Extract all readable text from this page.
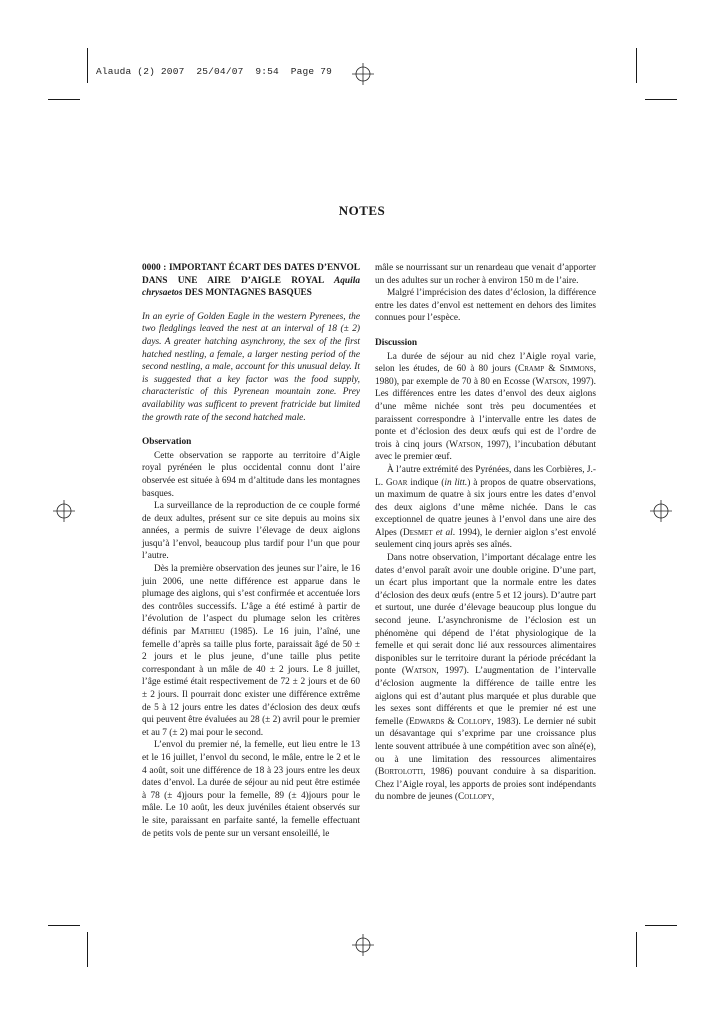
Alauda (2) 2007  25/04/07  9:54  Page 79
NOTES

0000 : IMPORTANT ÉCART DES DATES D’ENVOL DANS UNE AIRE D’AIGLE ROYAL Aquila chrysaetos DES MONTAGNES BASQUES

In an eyrie of Golden Eagle in the western Pyrenees, the two fledglings leaved the nest at an interval of 18 (± 2) days. A greater hatching asynchrony, the sex of the first hatched nestling, a female, a larger nesting period of the second nestling, a male, account for this unusual delay. It is suggested that a key factor was the food supply, characteristic of this Pyrenean mountain zone. Prey availability was sufficent to prevent fratricide but limited the growth rate of the second hatched male.

Observation

Cette observation se rapporte au territoire d’Aigle royal pyrénéen le plus occidental connu dont l’aire observée est située à 694 m d’altitude dans les montagnes basques.

La surveillance de la reproduction de ce couple formé de deux adultes, présent sur ce site depuis au moins six années, a permis de suivre l’élevage de deux aiglons jusqu’à l’envol, beaucoup plus tardif pour l’un que pour l’autre.

Dès la première observation des jeunes sur l’aire, le 16 juin 2006, une nette différence est apparue dans le plumage des aiglons, qui s’est confirmée et accentuée lors des contrôles successifs. L’âge a été estimé à partir de l’évolution de l’aspect du plumage selon les critères définis par Mathieu (1985). Le 16 juin, l’aîné, une femelle d’après sa taille plus forte, paraissait âgé de 50 ± 2 jours et le plus jeune, d’une taille plus petite correspondant à un mâle de 40 ± 2 jours. Le 8 juillet, l’âge estimé était respectivement de 72 ± 2 jours et de 60 ± 2 jours. Il pourrait donc exister une différence extrême de 5 à 12 jours entre les dates d’éclosion des deux œufs qui peuvent être évaluées au 28 (± 2) avril pour le premier et au 7 (± 2) mai pour le second.

L’envol du premier né, la femelle, eut lieu entre le 13 et le 16 juillet, l’envol du second, le mâle, entre le 2 et le 4 août, soit une différence de 18 à 23 jours entre les deux dates d’envol. La durée de séjour au nid peut être estimée à 78 (± 4)jours pour la femelle, 89 (± 4)jours pour le mâle. Le 10 août, les deux juvéniles étaient observés sur le site, paraissant en parfaite santé, la femelle effectuant de petits vols de pente sur un versant ensoleillé, le

mâle se nourrissant sur un renardeau que venait d’apporter un des adultes sur un rocher à environ 150 m de l’aire.

Malgré l’imprécision des dates d’éclosion, la différence entre les dates d’envol est nettement en dehors des limites connues pour l’espèce.

Discussion

La durée de séjour au nid chez l’Aigle royal varie, selon les études, de 60 à 80 jours (Cramp & Simmons, 1980), par exemple de 70 à 80 en Ecosse (Watson, 1997). Les différences entre les dates d’envol des deux aiglons d’une même nichée sont très peu documentées et paraissent correspondre à l’intervalle entre les dates de ponte et d’éclosion des deux œufs qui est de l’ordre de trois à cinq jours (Watson, 1997), l’incubation débutant avec le premier œuf.

À l’autre extrémité des Pyrénées, dans les Corbières, J.-L. Goar indique (in litt.) à propos de quatre observations, un maximum de quatre à six jours entre les dates d’envol des deux aiglons d’une même nichée. Dans le cas exceptionnel de quatre jeunes à l’envol dans une aire des Alpes (Desmet et al. 1994), le dernier aiglon s’est envolé seulement cinq jours après ses aînés.

Dans notre observation, l’important décalage entre les dates d’envol paraît avoir une double origine. D’une part, un écart plus important que la normale entre les dates d’éclosion des deux œufs (entre 5 et 12 jours). D’autre part et surtout, une durée d’élevage beaucoup plus longue du second jeune. L’asynchronisme de l’éclosion est un phénomène qui dépend de l’état physiologique de la femelle et qui serait donc lié aux ressources alimentaires disponibles sur le territoire durant la période précédant la ponte (Watson, 1997). L’augmentation de l’intervalle d’éclosion augmente la différence de taille entre les aiglons qui est d’autant plus marquée et plus durable que les sexes sont différents et que le premier né est une femelle (Edwards & Collopy, 1983). Le dernier né subit un désavantage qui s’exprime par une croissance plus lente souvent attribuée à une compétition avec son aîné(e), ou à une limitation des ressources alimentaires (Bortolotti, 1986) pouvant conduire à sa disparition. Chez l’Aigle royal, les apports de proies sont indépendants du nombre de jeunes (Collopy,
